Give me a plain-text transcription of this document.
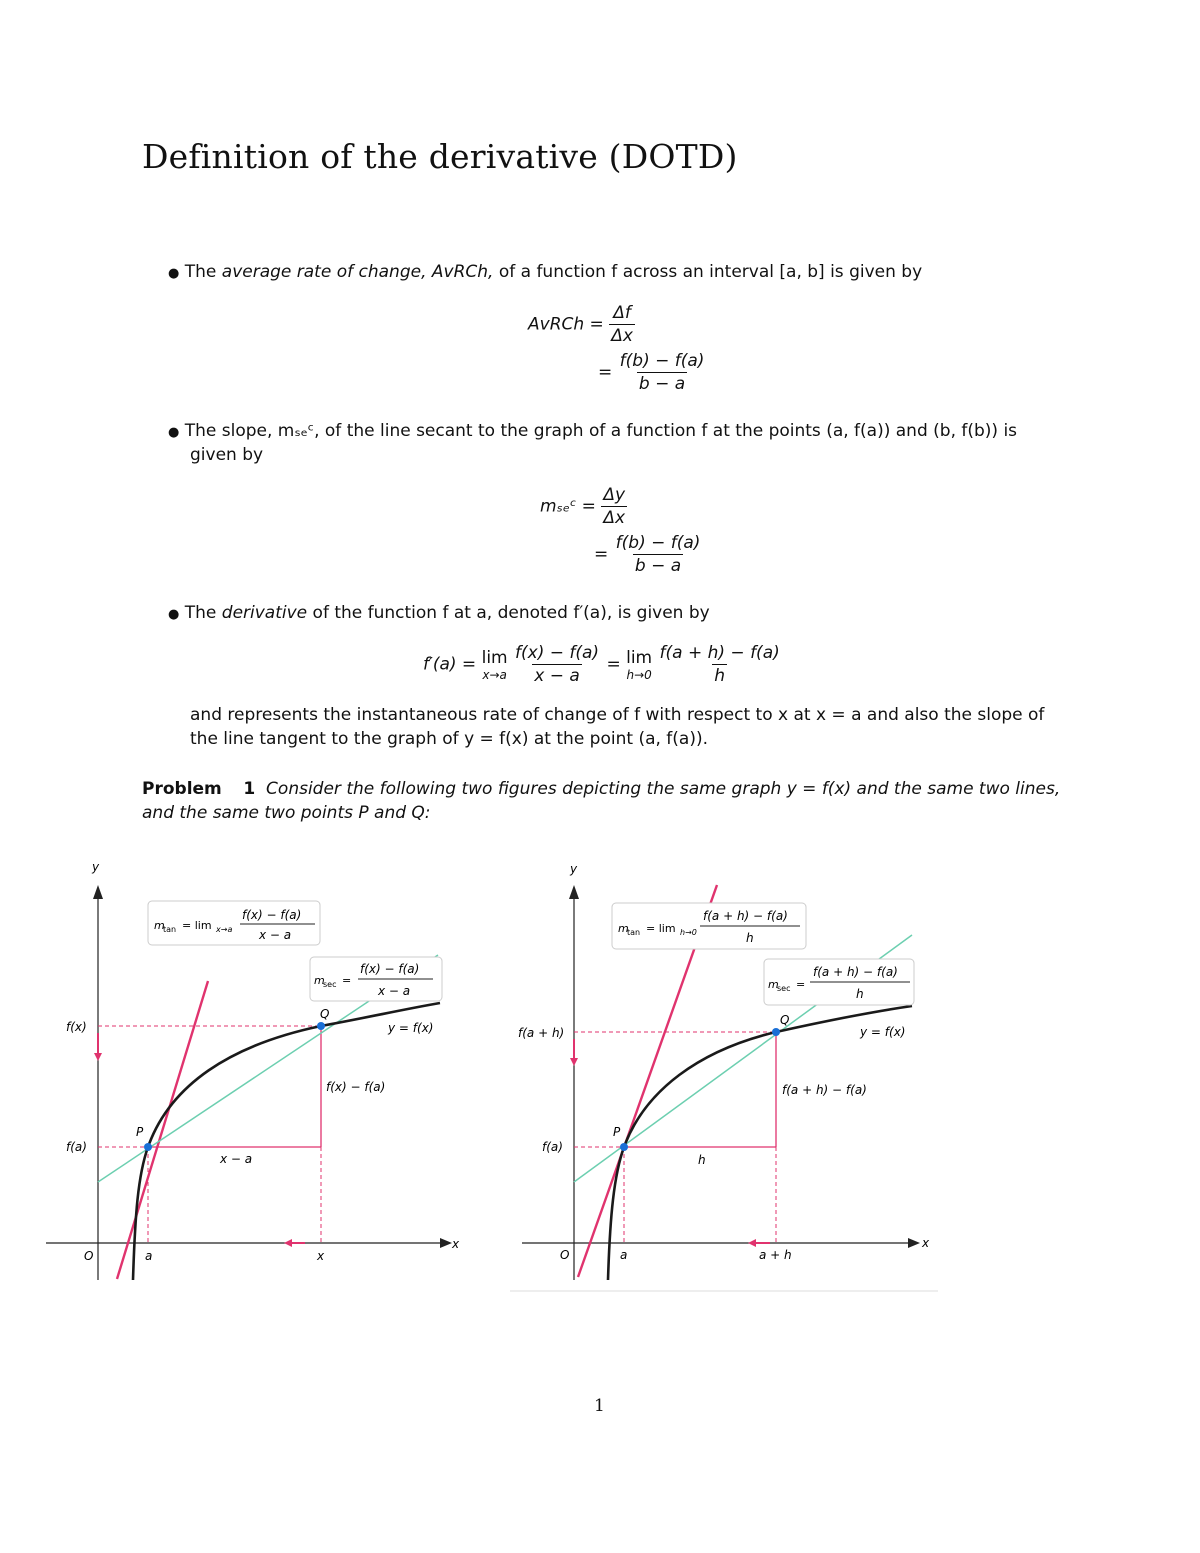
Definition of the derivative (DOTD)
● The average rate of change, AvRCh, of a function f across an interval [a, b] is given by
AvRCh = $\frac{\Delta f}{\Delta x}$
= $\frac{f(b) - f(a)}{b - a}$
● The slope, mₛₑᶜ, of the line secant to the graph of a function f at the points (a, f(a)) and (b, f(b)) is
given by
mₛₑᶜ = $\frac{\Delta y}{\Delta x}$
= $\frac{f(b) - f(a)}{b - a}$
● The derivative of the function f at a, denoted f′(a), is given by
f′(a) = lim
x→a
$\frac{f(x) - f(a)}{x - a} = \lim$
h→0
$\frac{f(a + h) - f(a)}{h}$
and represents the instantaneous rate of change of f with respect to x at x = a and also the slope of
the line tangent to the graph of y = f(x) at the point (a, f(a)).
Problem 1 Consider the following two figures depicting the same graph y = f(x) and the same two lines,
and the same two points P and Q:
y
x
O
P
Q
f(x)
f(a)
a	x
y = f(x)
f(x) − f(a)
x − a
m
tan = lim x→a
f(x) − f(a)
x − a
m
sec =
f(x) − f(a)
x − a
y
x
O
P
Q
f(a + h)
f(a)
a	a + h
y = f(x)
f(a + h) − f(a)
h
m
tan = lim h→0
f(a + h) − f(a)
h
m
sec =
f(a + h) − f(a)
h
1
